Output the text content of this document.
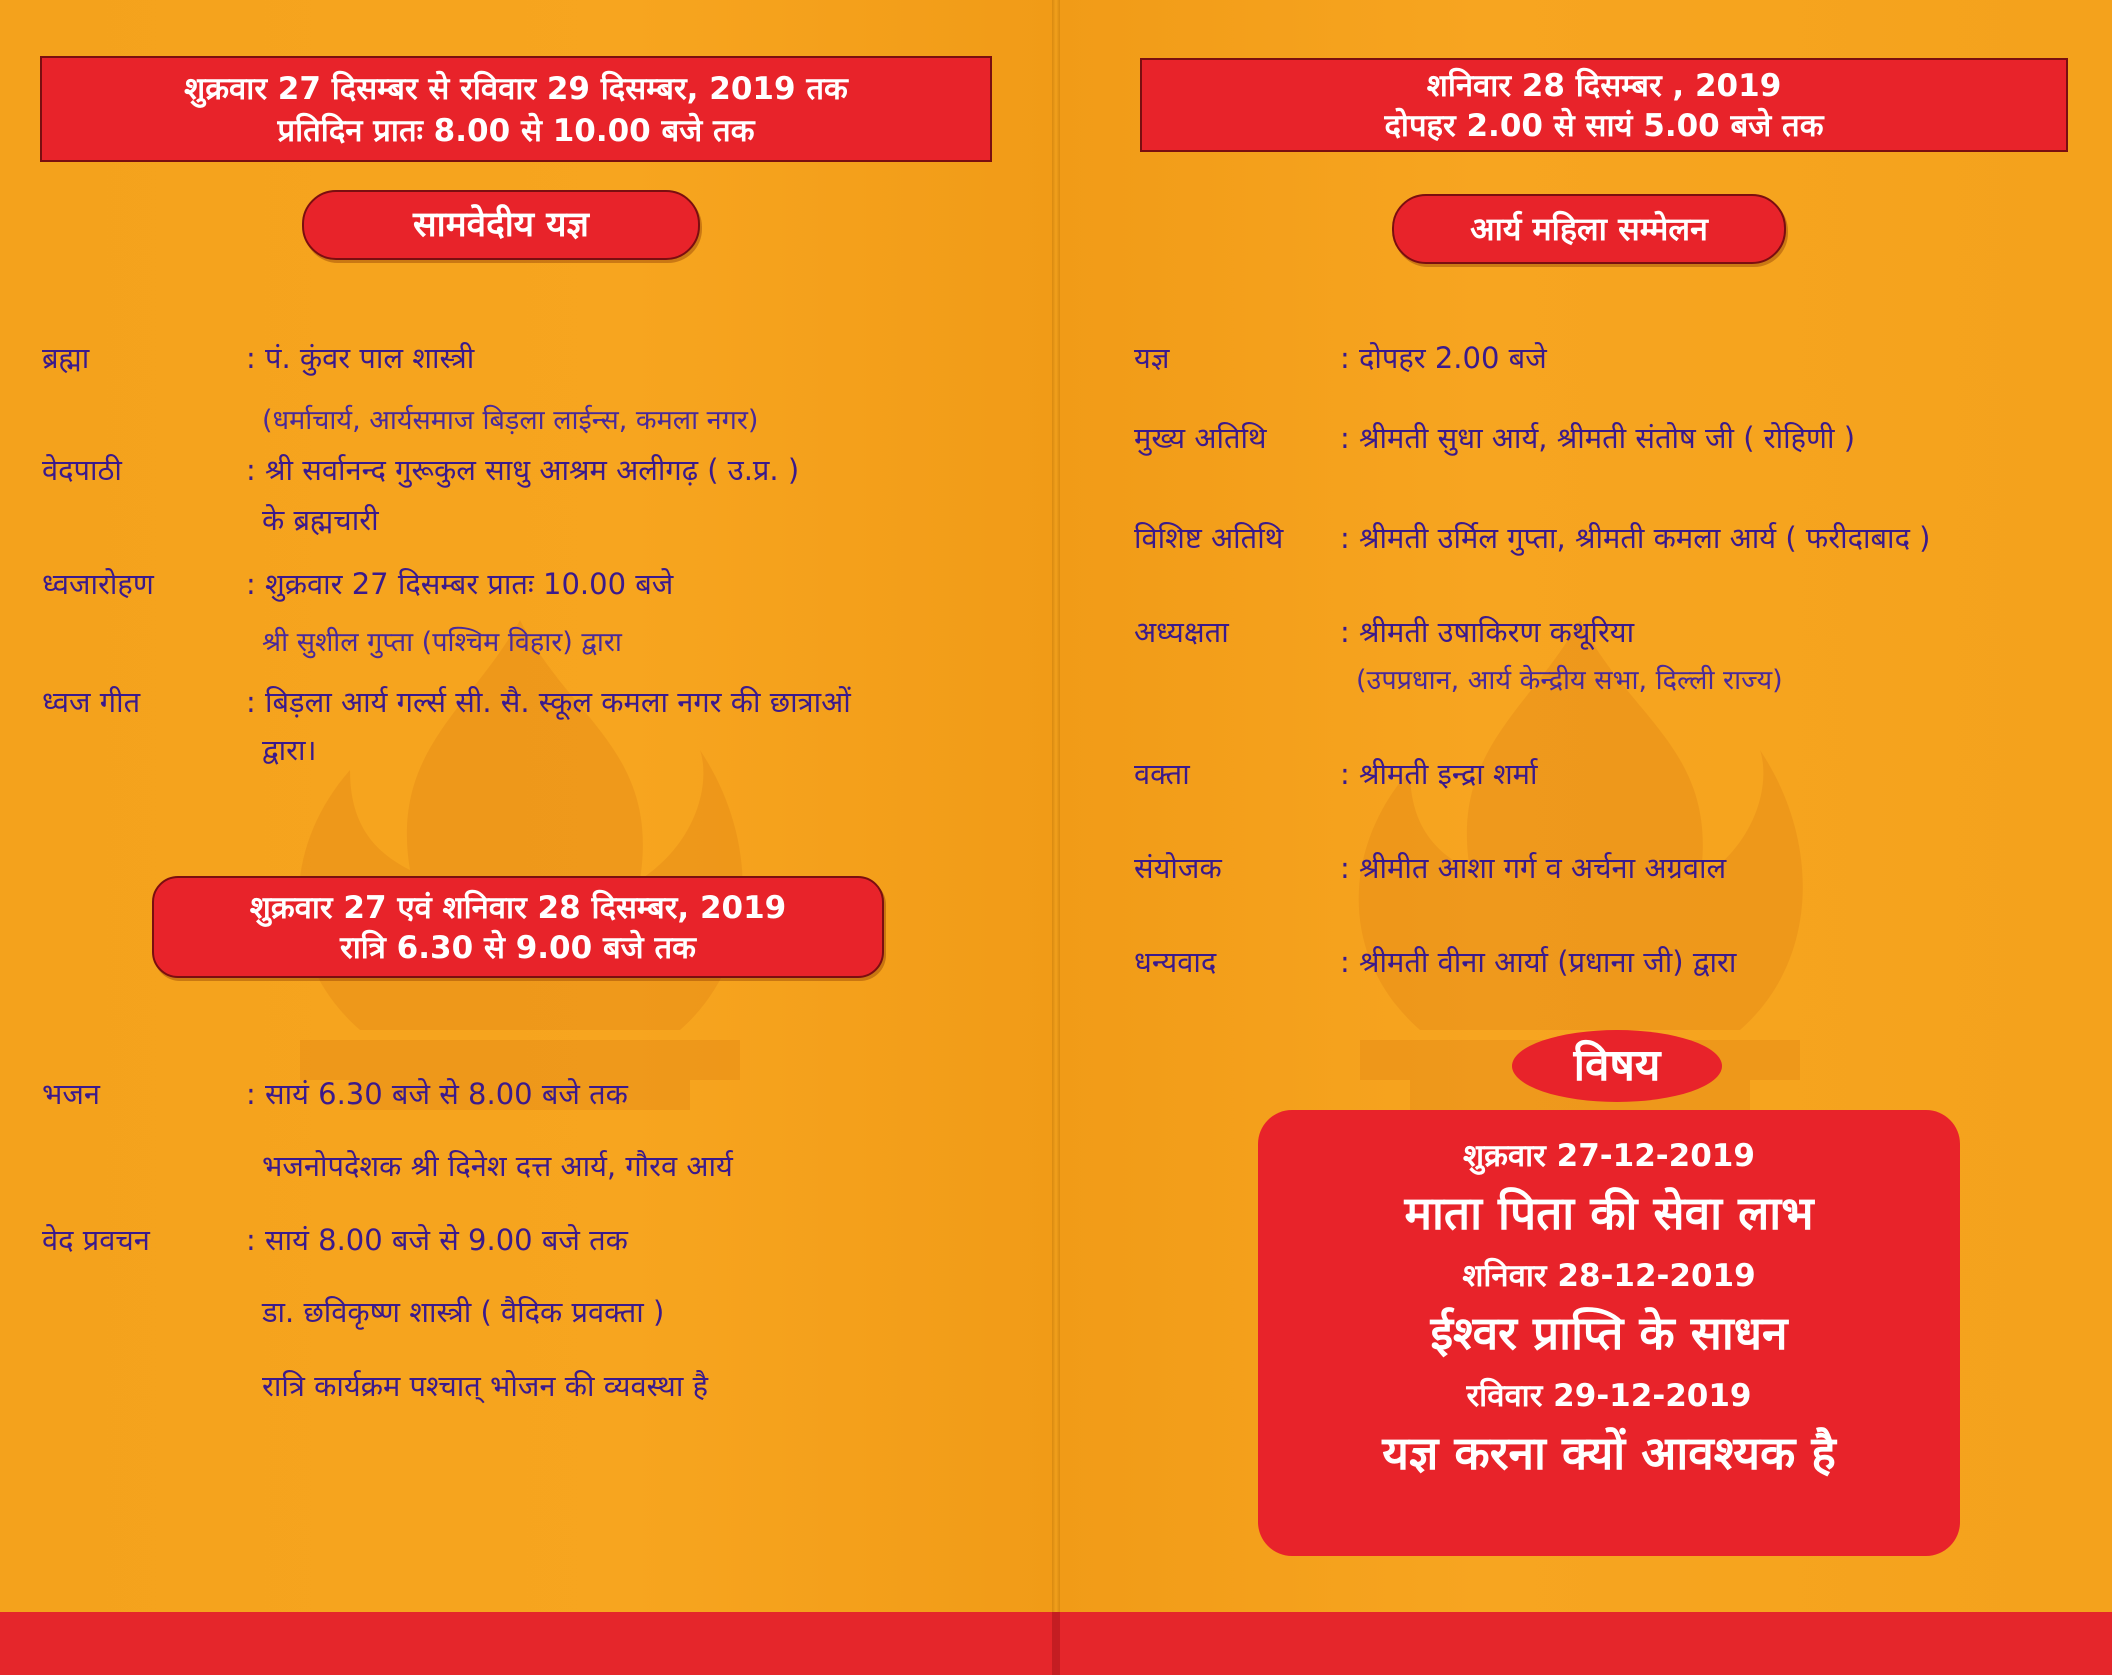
शुक्रवार 27 दिसम्बर से रविवार 29 दिसम्बर, 2019 तक
प्रतिदिन प्रातः 8.00 से 10.00 बजे तक
सामवेदीय यज्ञ
ब्रह्मा	: पं. कुंवर पाल शास्त्री
(धर्माचार्य, आर्यसमाज बिड़ला लाईन्स, कमला नगर)
वेदपाठी	: श्री सर्वानन्द गुरूकुल साधु आश्रम अलीगढ़ ( उ.प्र. )
के ब्रह्मचारी
ध्वजारोहण	: शुक्रवार 27 दिसम्बर प्रातः 10.00 बजे
श्री सुशील गुप्ता (पश्चिम विहार) द्वारा
ध्वज गीत	: बिड़ला आर्य गर्ल्स सी. सै. स्कूल कमला नगर की छात्राओं
द्वारा।
शुक्रवार 27 एवं शनिवार 28 दिसम्बर, 2019
रात्रि 6.30 से 9.00 बजे तक
भजन	: सायं 6.30 बजे से 8.00 बजे तक
भजनोपदेशक श्री दिनेश दत्त आर्य, गौरव आर्य
वेद प्रवचन	: सायं 8.00 बजे से 9.00 बजे तक
डा. छविकृष्ण शास्त्री ( वैदिक प्रवक्ता )
रात्रि कार्यक्रम पश्चात् भोजन की व्यवस्था है
शनिवार 28 दिसम्बर , 2019
दोपहर 2.00 से सायं 5.00 बजे तक
आर्य महिला सम्मेलन
यज्ञ	: दोपहर 2.00 बजे
मुख्य अतिथि	: श्रीमती सुधा आर्य, श्रीमती संतोष जी ( रोहिणी )
विशिष्ट अतिथि : श्रीमती उर्मिल गुप्ता, श्रीमती कमला आर्य ( फरीदाबाद )
अध्यक्षता	: श्रीमती उषाकिरण कथूरिया
(उपप्रधान, आर्य केन्द्रीय सभा, दिल्ली राज्य)
वक्ता	: श्रीमती इन्द्रा शर्मा
संयोजक	: श्रीमीत आशा गर्ग व अर्चना अग्रवाल
धन्यवाद	: श्रीमती वीना आर्या (प्रधाना जी) द्वारा
विषय
शुक्रवार 27-12-2019
माता पिता की सेवा लाभ
शनिवार 28-12-2019
ईश्वर प्राप्ति के साधन
रविवार 29-12-2019
यज्ञ करना क्यों आवश्यक है
